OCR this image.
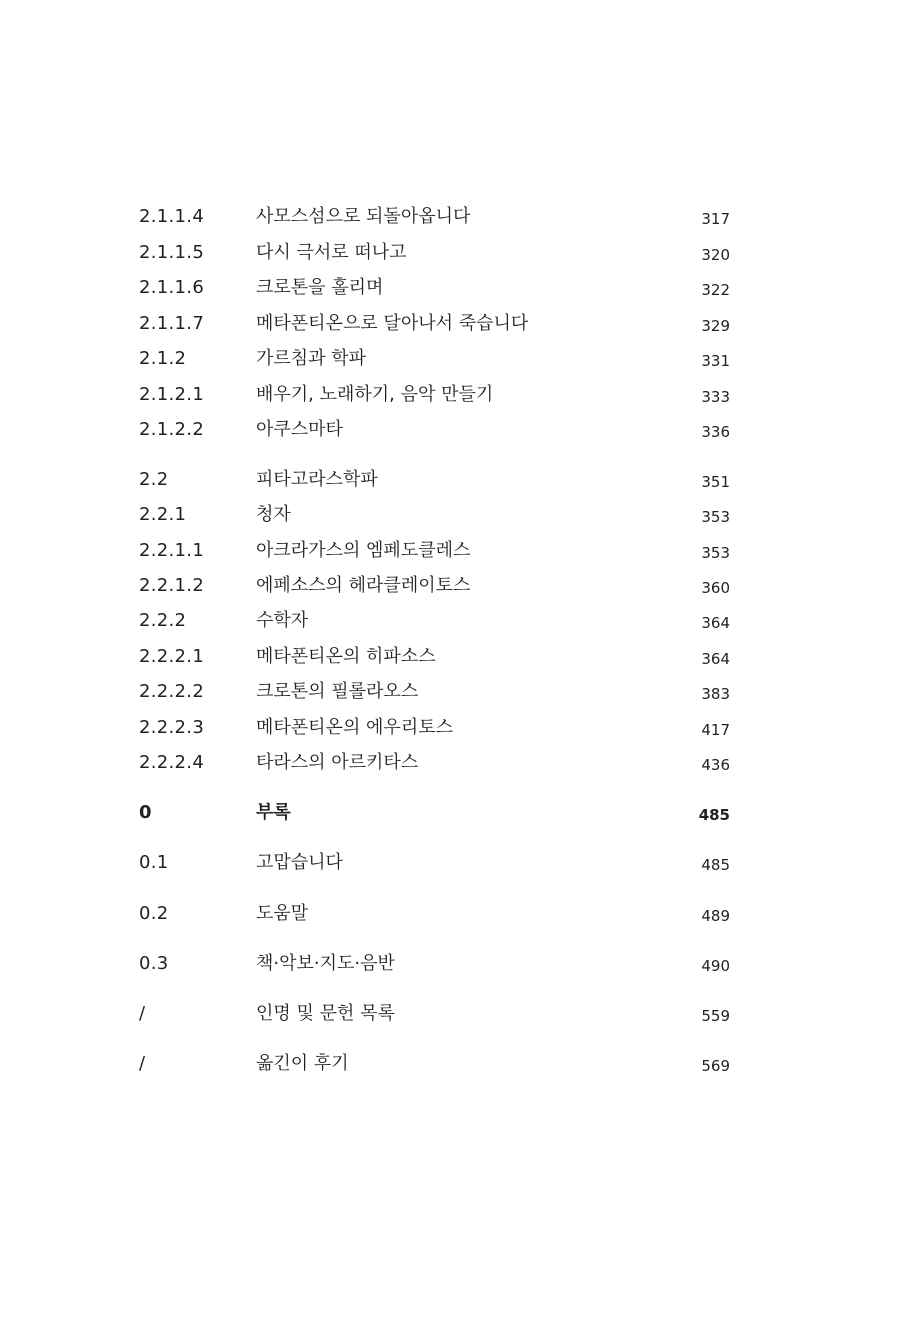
2.1.1.4	사모스섬으로 되돌아옵니다	317
2.1.1.5	다시 극서로 떠나고	320
2.1.1.6	크로톤을 홀리며	322
2.1.1.7	메타폰티온으로 달아나서 죽습니다	329
2.1.2	가르침과 학파	331
2.1.2.1	배우기, 노래하기, 음악 만들기	333
2.1.2.2	아쿠스마타	336
2.2	피타고라스학파	351
2.2.1	청자	353
2.2.1.1	아크라가스의 엠페도클레스	353
2.2.1.2	에페소스의 헤라클레이토스	360
2.2.2	수학자	364
2.2.2.1	메타폰티온의 히파소스	364
2.2.2.2	크로톤의 필롤라오스	383
2.2.2.3	메타폰티온의 에우리토스	417
2.2.2.4	타라스의 아르키타스	436
0	부록	485
0.1	고맙습니다	485
0.2	도움말	489
0.3	책·악보·지도·음반	490
/	인명 및 문헌 목록	559
/	옮긴이 후기	569
